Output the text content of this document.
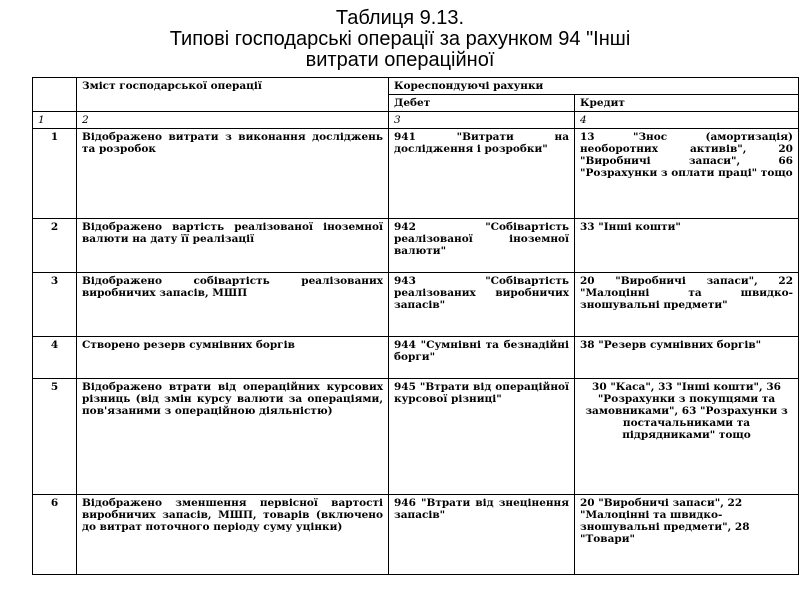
Таблиця 9.13.
Типові господарські операції за рахунком 94 "Інші
витрати операційної
	Зміст господарської операції	Кореспондуючі рахунки	
		Дебет	Кредит
1	2	3	4
1	Відображено витрати з виконання досліджень та розробок	941 "Витрати на дослідження і розробки"	13 "Знос (амортизація) необоротних активів", 20 "Виробничі запаси", 66 "Розрахунки з оплати праці" тощо
2	Відображено вартість реалізованої іноземної валюти на дату її реалізації	942 "Собівартість реалізованої іноземної валюти"	33 "Інші кошти"
3	Відображено собівартість реалізованих виробничих запасів, МШП	943 "Собівартість реалізованих виробничих запасів"	20 "Виробничі запаси", 22 "Малоцінні та швидко-зношувальні предмети"
4	Створено резерв сумнівних боргів	944 "Сумнівні та безнадійні борги"	38 "Резерв сумнівних боргів"
5	Відображено втрати від операційних курсових різниць (від змін курсу валюти за операціями, пов'язаними з операційною діяльністю)	945 "Втрати від операційної курсової різниці"	30 "Каса", 33 "Інші кошти", 36 "Розрахунки з покупцями та замовниками", 63 "Розрахунки з постачальниками та підрядниками" тощо
6	Відображено зменшення первісної вартості виробничих запасів, МШП, товарів (включено до витрат поточного періоду суму уцінки)	946 "Втрати від знецінення запасів"	20 "Виробничі запаси", 22 "Малоцінні та швидко-зношувальні предмети", 28 "Товари"
